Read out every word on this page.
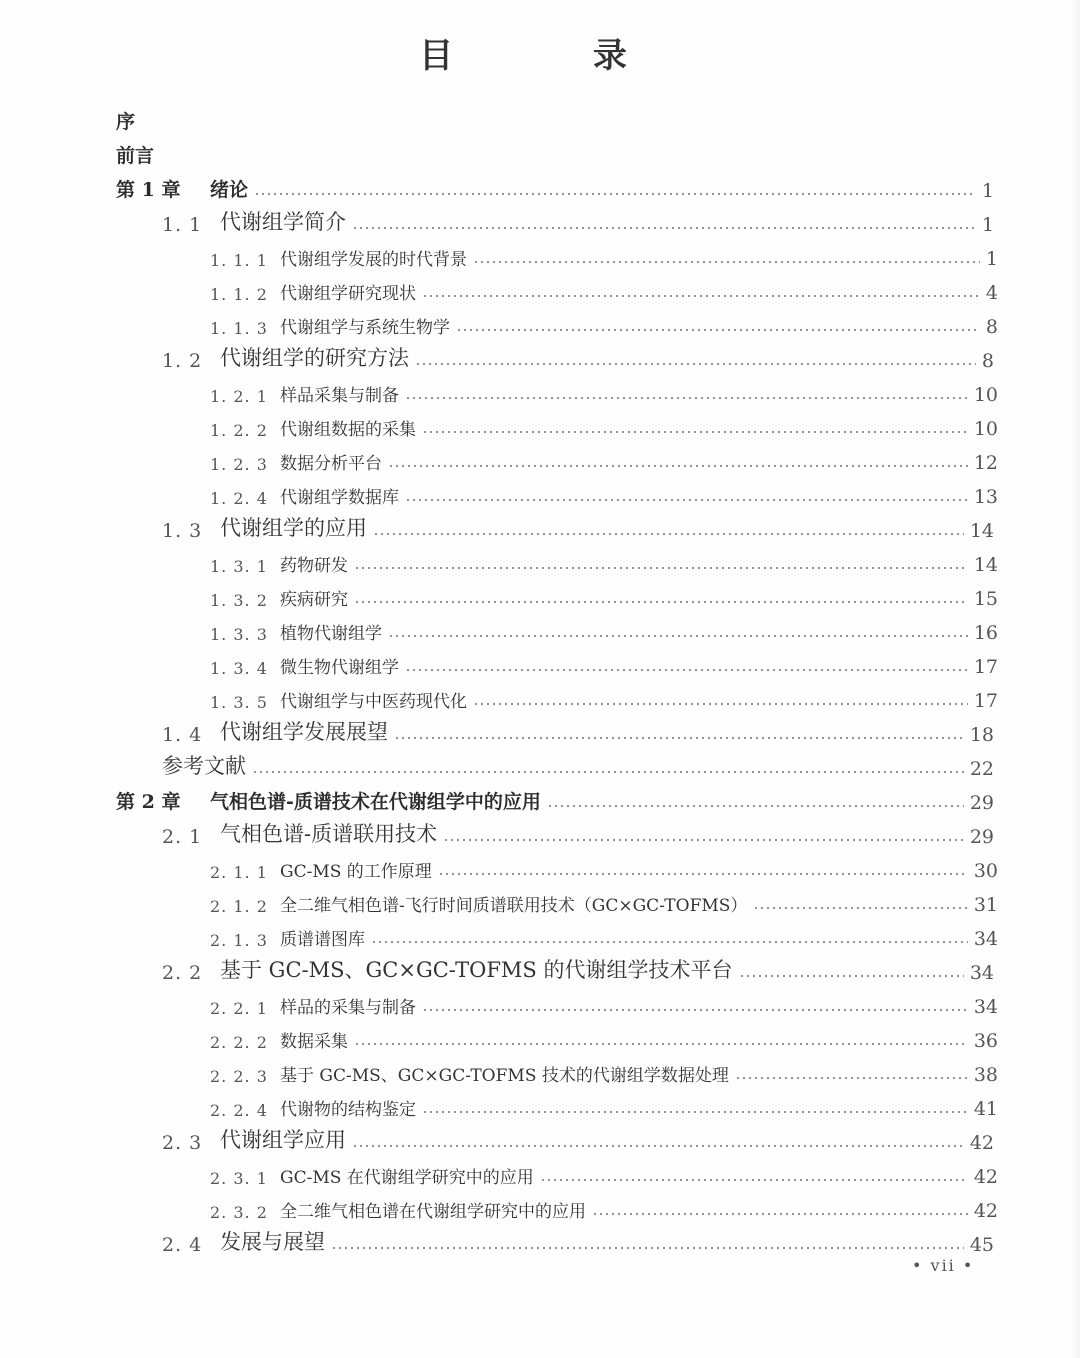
目 录
序
前言
第 1 章	绪论	1
1. 1 代谢组学简介	1
1. 1. 1 代谢组学发展的时代背景	1
1. 1. 2 代谢组学研究现状	4
1. 1. 3 代谢组学与系统生物学	8
1. 2 代谢组学的研究方法	8
1. 2. 1 样品采集与制备	10
1. 2. 2 代谢组数据的采集	10
1. 2. 3 数据分析平台	12
1. 2. 4 代谢组学数据库	13
1. 3 代谢组学的应用	14
1. 3. 1 药物研发	14
1. 3. 2 疾病研究	15
1. 3. 3 植物代谢组学	16
1. 3. 4 微生物代谢组学	17
1. 3. 5 代谢组学与中医药现代化	17
1. 4 代谢组学发展展望	18
参考文献	22
第 2 章	气相色谱-质谱技术在代谢组学中的应用	29
2. 1 气相色谱-质谱联用技术	29
2. 1. 1 GC-MS 的工作原理	30
2. 1. 2 全二维气相色谱-飞行时间质谱联用技术（GC×GC-TOFMS）	31
2. 1. 3 质谱谱图库	34
2. 2 基于 GC-MS、GC×GC-TOFMS 的代谢组学技术平台	34
2. 2. 1 样品的采集与制备	34
2. 2. 2 数据采集	36
2. 2. 3 基于 GC-MS、GC×GC-TOFMS 技术的代谢组学数据处理	38
2. 2. 4 代谢物的结构鉴定	41
2. 3 代谢组学应用	42
2. 3. 1 GC-MS 在代谢组学研究中的应用	42
2. 3. 2 全二维气相色谱在代谢组学研究中的应用	42
2. 4 发展与展望	45
• vii •
